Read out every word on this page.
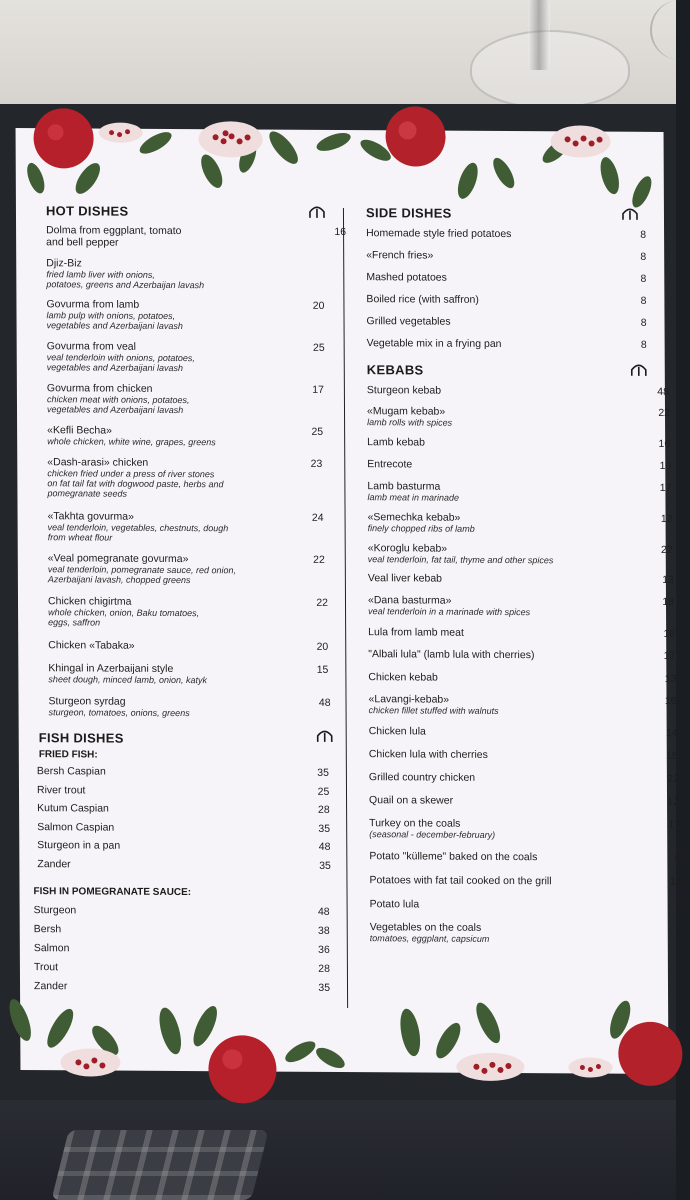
HOT DISHES
Dolma from eggplant, tomato
and bell pepper
16
Djiz-Biz
fried lamb liver with onions,
potatoes, greens and Azerbaijan lavash
Govurma from lamb
lamb pulp with onions, potatoes,
vegetables and Azerbaijani lavash
20
Govurma from veal
veal tenderloin with onions, potatoes,
vegetables and Azerbaijani lavash
25
Govurma from chicken
chicken meat with onions, potatoes,
vegetables and Azerbaijani lavash
17
«Kefli Becha»
whole chicken, white wine, grapes, greens
25
«Dash-arasi» chicken
chicken fried under a press of river stones
on fat tail fat with dogwood paste, herbs and
pomegranate seeds
23
«Takhta govurma»
veal tenderloin, vegetables, chestnuts, dough
from wheat flour
24
«Veal pomegranate govurma»
veal tenderloin, pomegranate sauce, red onion,
Azerbaijani lavash, chopped greens
22
Chicken chigirtma
whole chicken, onion, Baku tomatoes,
eggs, saffron
22
Chicken «Tabaka»	20
Khingal in Azerbaijani style
sheet dough, minced lamb, onion, katyk
15
Sturgeon syrdag
sturgeon, tomatoes, onions, greens
48
FISH DISHES
FRIED FISH:
Bersh Caspian	35
River trout	25
Kutum Caspian	28
Salmon Caspian	35
Sturgeon in a pan	48
Zander	35
FISH IN POMEGRANATE SAUCE:
Sturgeon	48
Bersh	38
Salmon	36
Trout	28
Zander	35
SIDE DISHES
Homemade style fried potatoes	8
«French fries»	8
Mashed potatoes	8
Boiled rice (with saffron)	8
Grilled vegetables	8
Vegetable mix in a frying pan	8
KEBABS
Sturgeon kebab	48
«Mugam kebab»
lamb rolls with spices
22
Lamb kebab	16
Entrecote	19
Lamb basturma
lamb meat in marinade
17
«Semechka kebab»
finely chopped ribs of lamb
12
«Koroglu kebab»
veal tenderloin, fat tail, thyme and other spices
22
Veal liver kebab	13
«Dana basturma»
veal tenderloin in a marinade with spices
18
Lula from lamb meat	16
"Albali lula" (lamb lula with cherries)	17
Chicken kebab	13
«Lavangi-kebab»
chicken fillet stuffed with walnuts
16
Chicken lula	14
Chicken lula with cherries	15
Grilled country chicken	22
Quail on a skewer	12
Turkey on the coals
(seasonal - december-february)
17
Potato "külleme" baked on the coals	6
Potatoes with fat tail cooked on the grill	10
Potato lula	5
Vegetables on the coals
tomatoes, eggplant, capsicum
6
